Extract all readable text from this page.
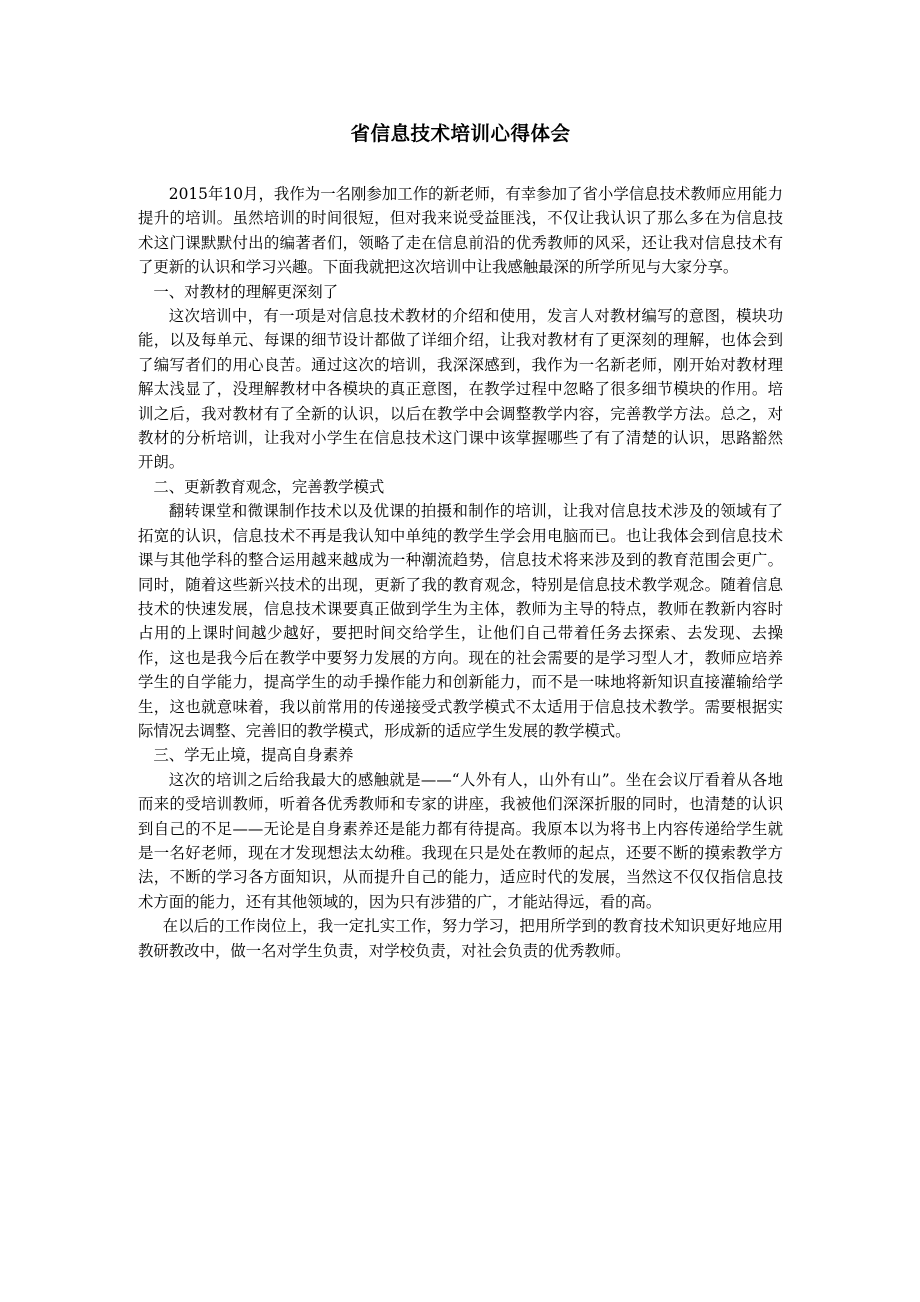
省信息技术培训心得体会

2015年10月，我作为一名刚参加工作的新老师，有幸参加了省小学信息技术教师应用能力提升的培训。虽然培训的时间很短，但对我来说受益匪浅，不仅让我认识了那么多在为信息技术这门课默默付出的编著者们，领略了走在信息前沿的优秀教师的风采，还让我对信息技术有了更新的认识和学习兴趣。下面我就把这次培训中让我感触最深的所学所见与大家分享。

一、对教材的理解更深刻了

这次培训中，有一项是对信息技术教材的介绍和使用，发言人对教材编写的意图，模块功能，以及每单元、每课的细节设计都做了详细介绍，让我对教材有了更深刻的理解，也体会到了编写者们的用心良苦。通过这次的培训，我深深感到，我作为一名新老师，刚开始对教材理解太浅显了，没理解教材中各模块的真正意图，在教学过程中忽略了很多细节模块的作用。培训之后，我对教材有了全新的认识，以后在教学中会调整教学内容，完善教学方法。总之，对教材的分析培训，让我对小学生在信息技术这门课中该掌握哪些了有了清楚的认识，思路豁然开朗。

二、更新教育观念，完善教学模式

翻转课堂和微课制作技术以及优课的拍摄和制作的培训，让我对信息技术涉及的领域有了拓宽的认识，信息技术不再是我认知中单纯的教学生学会用电脑而已。也让我体会到信息技术课与其他学科的整合运用越来越成为一种潮流趋势，信息技术将来涉及到的教育范围会更广。同时，随着这些新兴技术的出现，更新了我的教育观念，特别是信息技术教学观念。随着信息技术的快速发展，信息技术课要真正做到学生为主体，教师为主导的特点，教师在教新内容时占用的上课时间越少越好，要把时间交给学生，让他们自己带着任务去探索、去发现、去操作，这也是我今后在教学中要努力发展的方向。现在的社会需要的是学习型人才，教师应培养学生的自学能力，提高学生的动手操作能力和创新能力，而不是一味地将新知识直接灌输给学生，这也就意味着，我以前常用的传递接受式教学模式不太适用于信息技术教学。需要根据实际情况去调整、完善旧的教学模式，形成新的适应学生发展的教学模式。

三、学无止境，提高自身素养

这次的培训之后给我最大的感触就是——“人外有人，山外有山”。坐在会议厅看着从各地而来的受培训教师，听着各优秀教师和专家的讲座，我被他们深深折服的同时，也清楚的认识到自己的不足——无论是自身素养还是能力都有待提高。我原本以为将书上内容传递给学生就是一名好老师，现在才发现想法太幼稚。我现在只是处在教师的起点，还要不断的摸索教学方法，不断的学习各方面知识，从而提升自己的能力，适应时代的发展，当然这不仅仅指信息技术方面的能力，还有其他领域的，因为只有涉猎的广，才能站得远，看的高。

在以后的工作岗位上，我一定扎实工作，努力学习，把用所学到的教育技术知识更好地应用教研教改中，做一名对学生负责，对学校负责，对社会负责的优秀教师。
